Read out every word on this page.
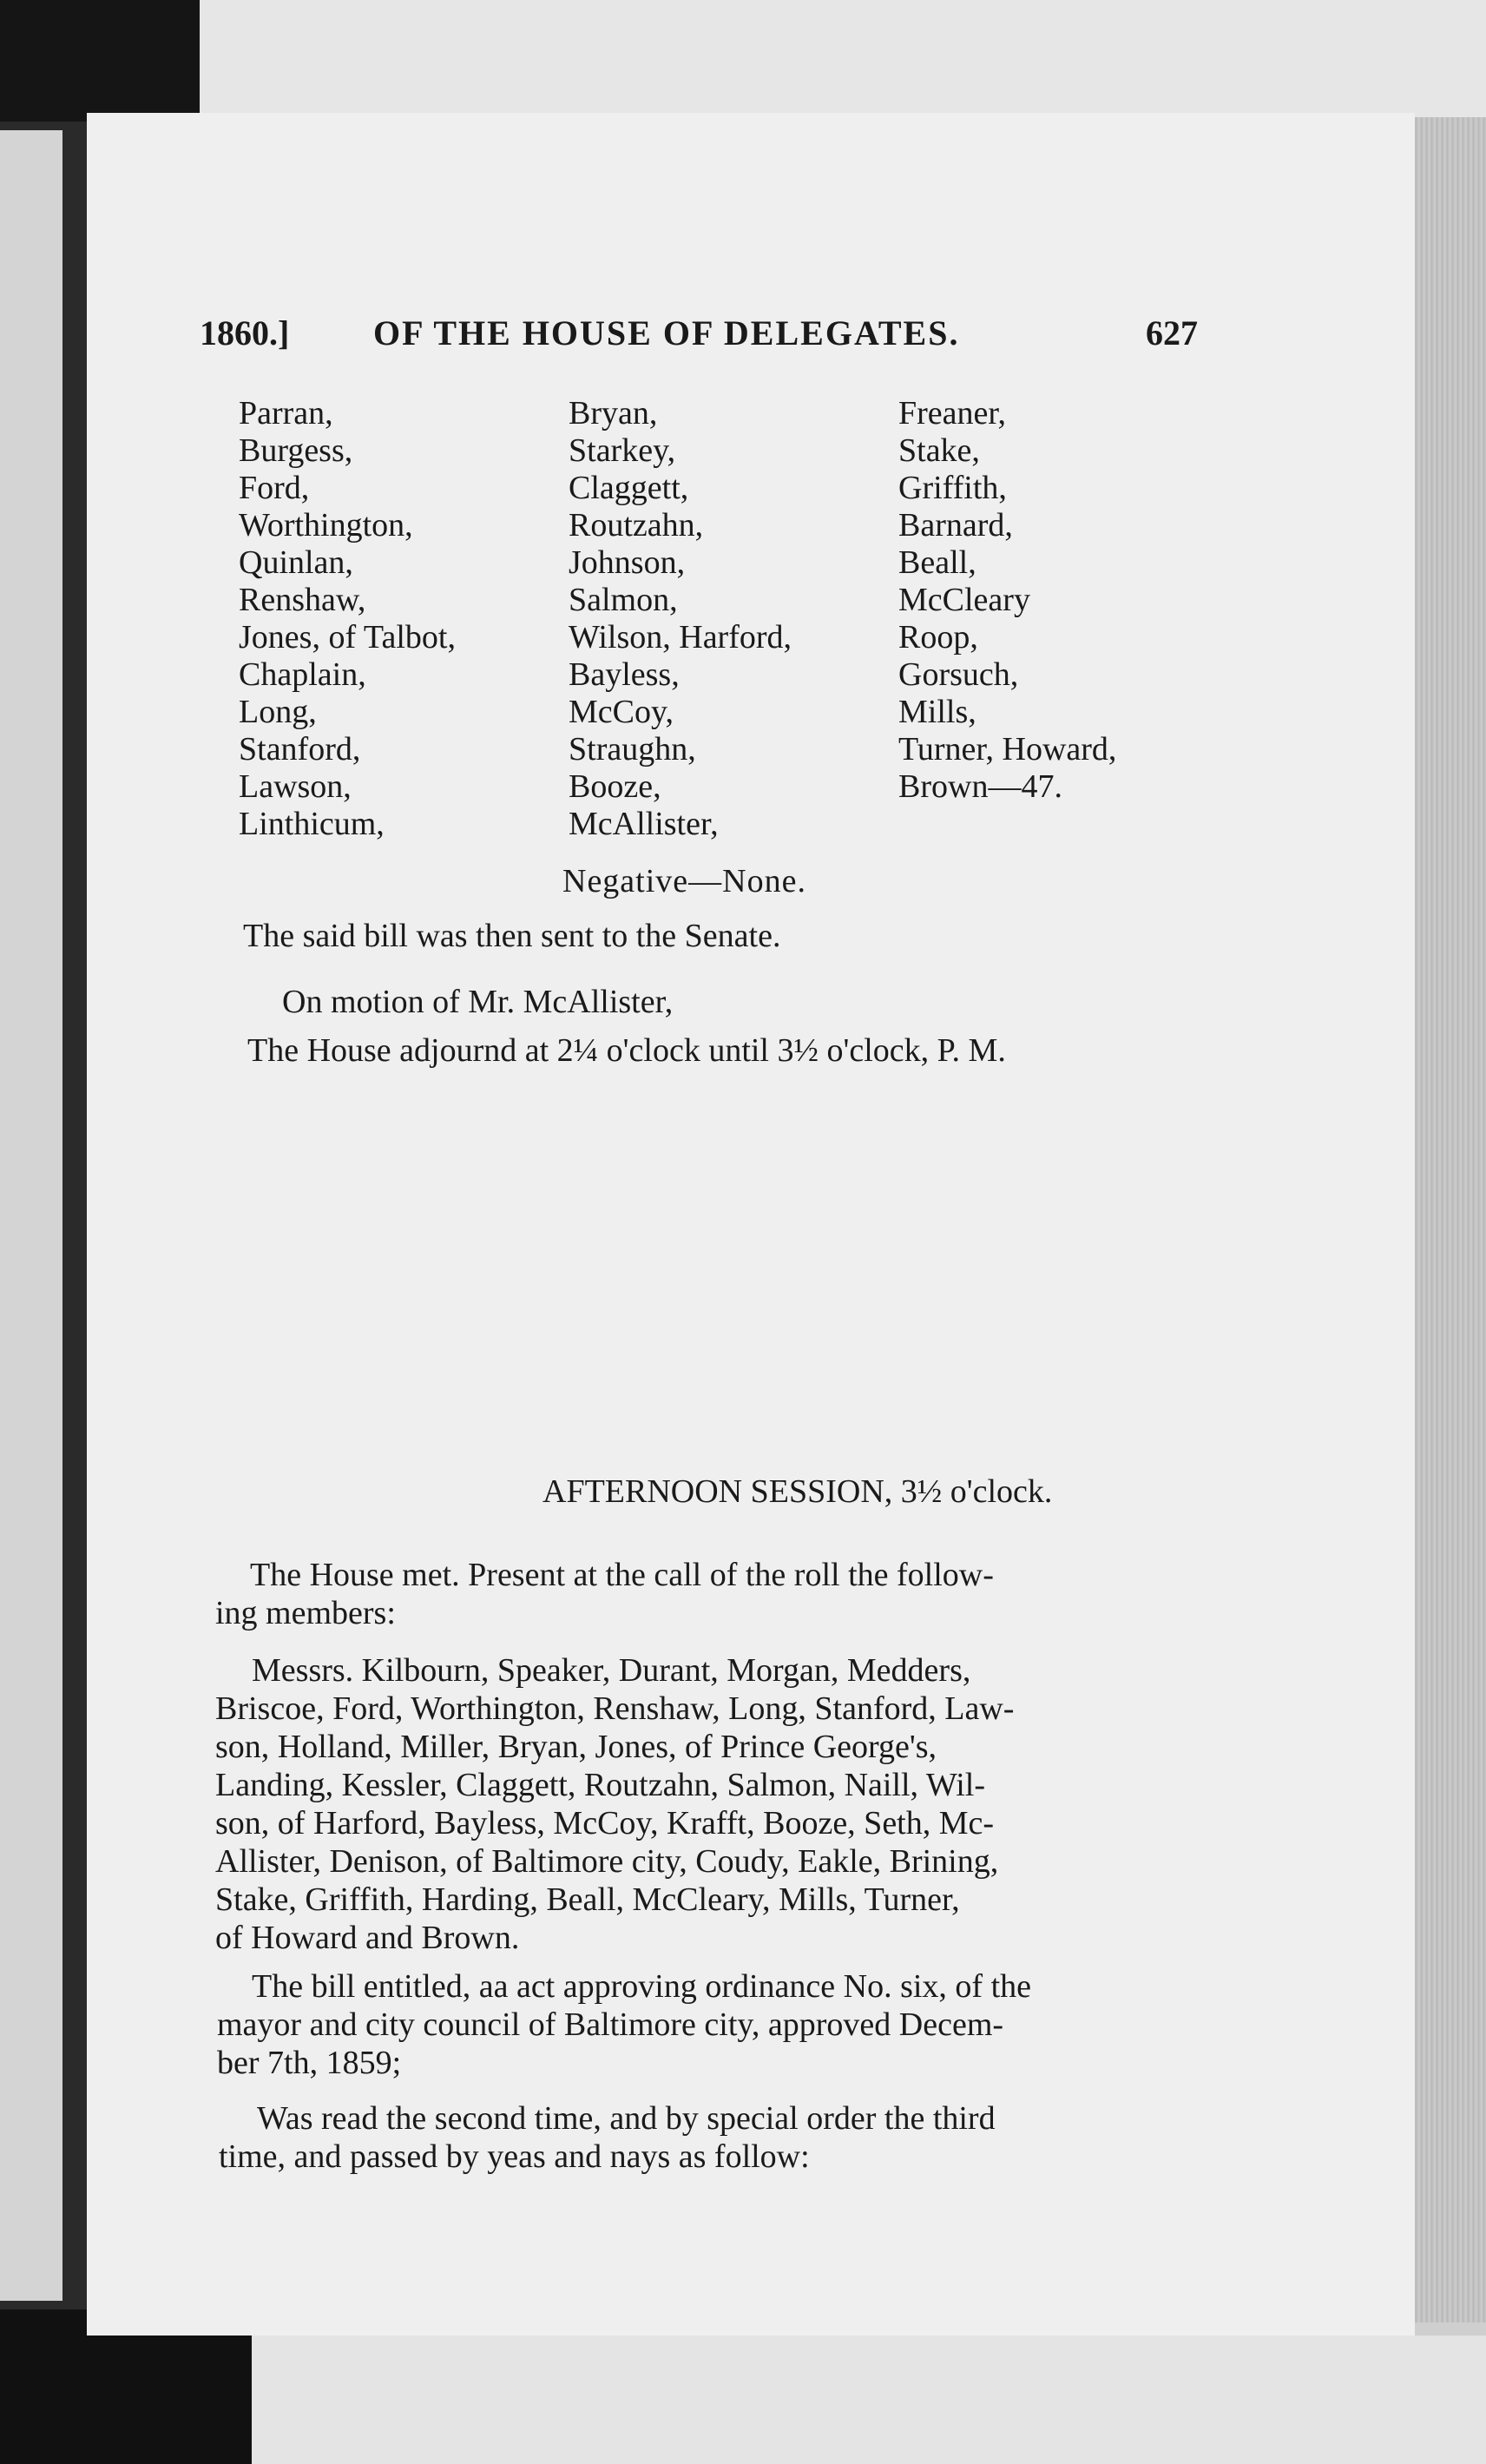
1860.] OF THE HOUSE OF DELEGATES.	627
Parran,
Burgess,
Ford,
Worthington,
Quinlan,
Renshaw,
Jones, of Talbot,
Chaplain,
Long,
Stanford,
Lawson,
Linthicum,
Bryan,
Starkey,
Claggett,
Routzahn,
Johnson,
Salmon,
Wilson, Harford,
Bayless,
McCoy,
Straughn,
Booze,
McAllister,
Freaner,
Stake,
Griffith,
Barnard,
Beall,
McCleary
Roop,
Gorsuch,
Mills,
Turner, Howard,
Brown—47.
Negative—None.
The said bill was then sent to the Senate.
On motion of Mr. McAllister,
The House adjournd at 2¼ o'clock until 3½ o'clock, P. M.
AFTERNOON SESSION, 3½ o'clock.
The House met. Present at the call of the roll the follow-
ing members:
Messrs. Kilbourn, Speaker, Durant, Morgan, Medders,
Briscoe, Ford, Worthington, Renshaw, Long, Stanford, Law-
son, Holland, Miller, Bryan, Jones, of Prince George's,
Landing, Kessler, Claggett, Routzahn, Salmon, Naill, Wil-
son, of Harford, Bayless, McCoy, Krafft, Booze, Seth, Mc-
Allister, Denison, of Baltimore city, Coudy, Eakle, Brining,
Stake, Griffith, Harding, Beall, McCleary, Mills, Turner,
of Howard and Brown.
The bill entitled, aa act approving ordinance No. six, of the
mayor and city council of Baltimore city, approved Decem-
ber 7th, 1859;
Was read the second time, and by special order the third
time, and passed by yeas and nays as follow:
